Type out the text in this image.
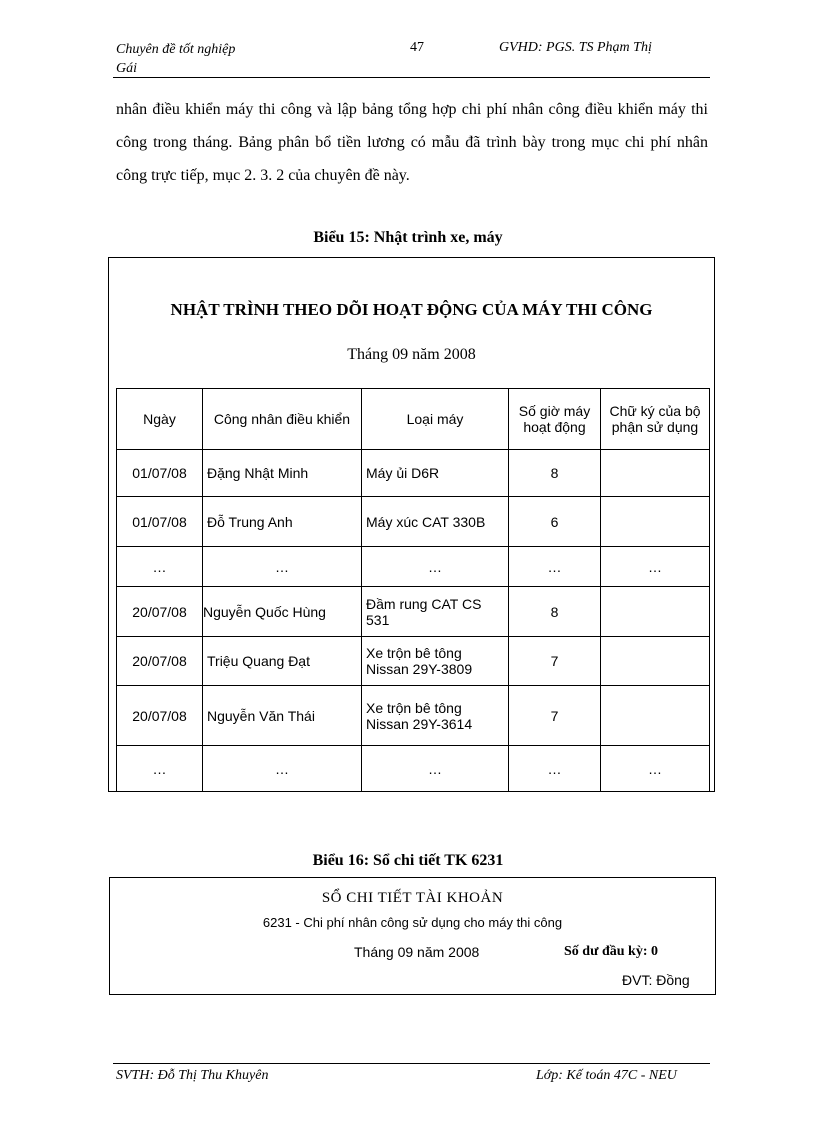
Chuyên đề tốt nghiệp
Gái
47	GVHD: PGS. TS Phạm Thị

nhân điều khiển máy thi công và lập bảng tổng hợp chi phí nhân công điều khiển máy thi công trong tháng. Bảng phân bổ tiền lương có mẫu đã trình bày trong mục chi phí nhân công trực tiếp, mục 2. 3. 2 của chuyên đề này.

Biểu 15: Nhật trình xe, máy
NHẬT TRÌNH THEO DÕI HOẠT ĐỘNG CỦA MÁY THI CÔNG
Tháng 09 năm 2008
Ngày	Công nhân điều khiển	Loại máy	Số giờ máy hoạt động	Chữ ký của bộ phận sử dụng
01/07/08	Đặng Nhật Minh	Máy ủi D6R	8	
01/07/08	Đỗ Trung Anh	Máy xúc CAT 330B	6	
…	…	…	…	…
20/07/08	Nguyễn Quốc Hùng	Đầm rung CAT CS 531	8	
20/07/08	Triệu Quang Đạt	Xe trộn bê tông Nissan 29Y-3809	7	
20/07/08	Nguyễn Văn Thái	Xe trộn bê tông Nissan 29Y-3614	7	
…	…	…	…	…
Biểu 16: Sổ chi tiết TK 6231
SỔ CHI TIẾT TÀI KHOẢN
6231 - Chi phí nhân công sử dụng cho máy thi công
Tháng 09 năm 2008	Số dư đầu kỳ: 0
ĐVT: Đồng
SVTH: Đỗ Thị Thu Khuyên	Lớp: Kế toán 47C - NEU
